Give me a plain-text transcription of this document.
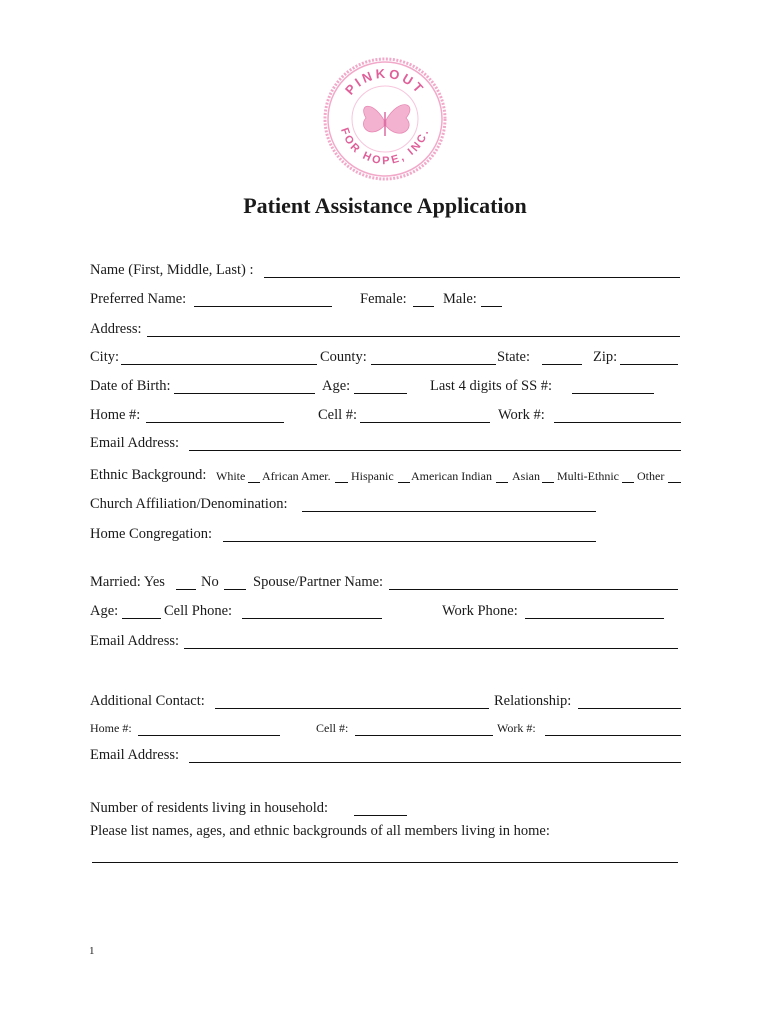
PINKOUT
FOR HOPE, INC.
Patient Assistance Application
Name (First, Middle, Last) :
Preferred Name:	Female:	Male:
Address:
City:	County:	State:	Zip:
Date of Birth:	Age:	Last 4 digits of SS #:
Home #:	Cell #:	Work #:
Email Address:
Ethnic Background: White African Amer. Hispanic American Indian Asian Multi-Ethnic Other
Church Affiliation/Denomination:
Home Congregation:
Married: Yes No Spouse/Partner Name:
Age:	Cell Phone:	Work Phone:
Email Address:
Additional Contact:	Relationship:
Home #:	Cell #:	Work #:
Email Address:
Number of residents living in household:
Please list names, ages, and ethnic backgrounds of all members living in home:
1
